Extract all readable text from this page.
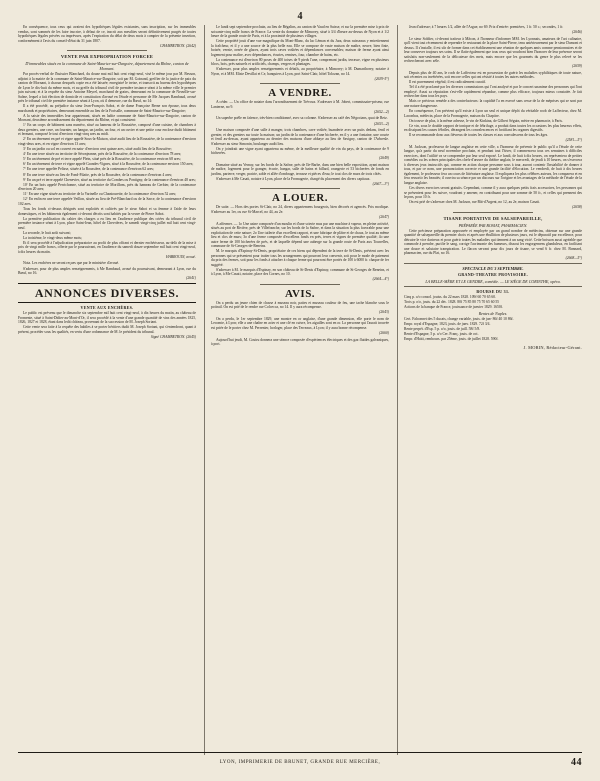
4

En conséquence, tous ceux qui avaient des hypothèques légales existantes, sans inscription, sur les immeubles vendus, sont sommés de les faire inscrire, à défaut de ce, inscrit aux mesdites seront définitivement purgés de toutes hypothèques légales privées ou imprévues, après l'expiration du délai de deux mois à compter de la présente insertion, conformément à l'avis du conseil-d'état du 31 juin 1807.

CHAMBETRON. (2642)
VENTE PAR EXPROPRIATION FORCEE
D'immeubles situés en la commune de Saint-Maurice-sur-Dargoire, département du Rhône, canton de Mornant.

Par procès-verbal de l'huissier Blanchard, du douze mai mil huit cent vingt-neuf, visé le même jour par M. Besson, adjoint à la mairie de la commune de Saint-Maurice-sur-Dargoire, soit par M. Goinand, greffier de la justice de paix du canton de Mornant, à chacun desquels copie en a été laissée; enregistré le treize, et transcrit au bureau des hypothèques de Lyon le dix-huit du même mois, et au greffe du tribunal civil de première instance séant à la même ville le premier juin suivant; et à la requête du sieur Antoine Meyrel, marchand de grains, demeurant en la commune de Neuville-sur-Saône, lequel a fait élection de domicile et constitution d'avoué en l'étude et personne de Me Jacques Rambaud, avoué près le tribunal civil de première instance séant à Lyon, où il demeure, rue du Bœuf, no 14:

Il a été procédé, au préjudice du sieur Jean-François Sabot, et de dame Françoise Berne son épouse, tous deux marchands et propriétaires, demeurant ensemble au lieu de la Forisalle, commune de Saint-Maurice-sur-Dargoire;

A la saisie des immeubles leur appartenant, situés en ladite commune de Saint-Maurice-sur-Dargoire, canton de Mornant, deuxième arrondissement du département du Rhône, et qui consistent:

1º En un corps de bâtiment sans numéro, situé au hameau de la Roussière, composé d'une cuisine, de chambres à deux greniers, une cave, un fournier, un hangar, un jardin, un four, et un cuvier et une petite cour enclose dudit bâtiment et fermant, composé le tout d'environ vingt-cinq ares au midi.

2º En un tènement en pré et vigne appelé Sous-la-Maison, situé audit lieu de la Roussière, de la contenance d'environ vingt-deux ares, et en vigne d'environ 13 ares;

3º En un jardin ou sol en couvert en natu- d'environ cent quinze ares, situé audit lieu de la Roussière;

4º En une terre située au territoire de Séronjeanne, près de la Roussière, de la contenance d'environ 78 ares;

5º En un tènement de pré et terre appelé Plein, situé près de la Roussière, de la contenance environ 68 ares;

6º En un tènement de terre et vigne appelé Grandes-Vignes, situé à la Roussière, de la contenance environ 150 ares;

7º En une terre appelée Pelisse, située à la Roussière, de la contenance d'environ 62 ares;

8º En une terre située au lieu de Fond-Filatte, près de la Roussière, de la contenance d'environ 4 ares;

9º En un pré et terre appelé Chenevier, situé au territoire du Combes ou Pontigny, de la contenance d'environ 48 ares;

10º En un bois appelé Perrichonne, situé au territoire de Morillons, près du hameau de Gerbier, de la contenance d'environ 20 ares;

11º En une vigne située au territoire de la Varinelle ou Chantourette, de la contenance d'environ 52 ares;

12º En enfin en une terre appelée Veillon, située au lieu de Pré-Blanchard ou de la Sarce, de la contenance d'environ 102 ares.

Tous les fonds ci-dessus désignés sont exploités et cultivés par le sieur Sabot et sa femme à l'aide de leurs domestiques, et les bâtiments également ci-devant décrits sont habités par la veuve de Pierre Sabot.

La première publication du cahier des charges a eu lieu en l'audience publique des criées du tribunal civil de première instance séant à Lyon, place Saint-Jean, hôtel de Chevrières, le samedi vingt-cinq juillet mil huit cent vingt-neuf.

La seconde, le huit août suivant;

La troisième, le vingt-deux même mois;

Et il sera procédé à l'adjudication préparatoire au profit de plus offrant et dernier enchérisseur, au-delà de la mise à prix de vingt mille francs, offerte par le poursuivant, en l'audience du samedi douze septembre mil huit cent vingt-neuf, à dix heures du matin.

HABROUIN, avoué.

Nota. Les enchères ne seront reçues que par le ministère d'avoué.

S'adresser, pour de plus amples renseignements, à Me Rambaud, avoué du poursuivant, demeurant à Lyon, rue du Bœuf, no 16.

(2641)
ANNONCES DIVERSES.
VENTE AUX ENCHÈRES.

Le public est prévenu que le dimanche six septembre mil huit cent vingt-neuf, à dix heures du matin, au château de Fromente, situé à Saint-Didier-au-Mont-d'Or, il sera procédé à la vente d'une grande quantité de vins des années 1825, 1826, 1827 et 1828, étant dans ledit château, provenant de la succession de M. Joseph Soriant.

Cette vente sera faite à la requête des habiles à se porter héritiers dudit M. Joseph Soriant, qui s'entendront, quant à présent, procéder sous les qualités, en vertu d'une ordonnance de M. le président du tribunal.

Signé CHAMBETRON. (2645)

Le lundi sept septembre prochain, au lieu de Bégalins, au canton de Vaud en Suisse, et sur la première mise à prix de soixante-cinq mille francs de France. La vente du domaine de Mimorey, situé à 3/4 d'heure au-dessus de Nyon et à 1/2 heure de la grande route de Paris, et à la proximité de plusieurs villages.

Cette propriété jouit d'une vue magnifique du Mont-Blanc, du lac Léman et du Jura, deux ruisseaux y entretiennent la fraîcheur, et il y a une source de la plus belle eau. Elle se compose de vaste maison de maître, neuve, bien finie, boisée, vernie, ornée de glaces, ayant trois caves voûtées et dépendances convenables; maison de ferme ayant ainsi logement pour maître, avec dépendances, écuries, remises, four, chambre de bains, etc.

La contenance est d'environ 80 poses de 400 toises de 9 pieds l'une, comprenant jardin, terrasse, vigne en plusieurs blocs, bois, prés naturels et artificiels, champs, vergers et plantages.

S'adresser, pour plus amples renseignements et détails, au propriétaire, à Mimorey; à M. Dumarthorey, notaire à Nyon, et à MM. Eliste Devillai et Ce, banquiers à Lyon, port Saint-Clair, hôtel Tolozan, no 14.

(2639-5°)
A VENDRE.

A céder. — Un office de notaire dans l'arrondissement de Trévoux. S'adresser à M. Jobert, commissaire-priseur, rue Lanterne, no 9.

(2652—2)

Un superbe poêle en faïence, très-bien conditionné, avec sa colonne. S'adresser au café des Négocians, quai de Retz.

(2653—2)

Une maison composée d'une salle à manger, trois chambres, cave voûtée, buanderie avec un puits dedans, fenil et grenier, et des greniers sur toute la maison; un jardin de la contenance d'une bicherée, en il y a une fontaine, une courte et fenil au-dessus, ayant appartenu au dernier des maisons d'une abbaye au lieu de Savigny, canton de l'Arbresle. S'adresser au sieur Simonin, boulanger audit lieu.

On y joindrait une vigne ayant appartenu au même, de la meilleure qualité de vin du pays, de la contenance de 9 bicherées.

(2649)

Domaine situé au Vernay, sur les bords de la Saône, près de Ile-Barbe, dans une bien belle exposition, ayant maison de maître, logement pour le granger, écurie, hangar, salle de bains et billard, orangerie et 53 bicherées de fonds en jardins, parterre, verger, prairie, sable et allée d'ombrage, terrasse et pièces d'eau; le tout clos de murs de trois côtés.

S'adresser à Me Casati, notaire à Lyon, place de la Fromagerie, chargé du placement des divers capitaux.

(2667—3°)
A LOUER.

De suite. — Hors des portes St-Clair, no 24, divers appartemens bourgeois, bien décorés et agencés. Prix modique. S'adresser au 1er, ou rue St-Marcel, no 44, au 2e.

(2647)

A affermer. — 1o Une usine composée d'un moulin et d'une scierie mus par une machine à vapeur, en pleine activité, situés au port de Rivière, près de Villefranche, sur les bords de la Saône, et dans la situation la plus favorable pour une exploitation de cette nature; 2o Une tuilerie d'un excellent rapport, et une fabrique de plâtre et de chaux, le tout au même lieu et clos de murs; 3o d'une ferme composée d'excellens fonds en prés, terres et vignes de première qualité; 4o une autre ferme de 100 bicherées de prés, et de laquelle dépend une auberge sur la grande route de Paris aux Tourrelles, commune de St-Georges-de-Reneins.

M. le marquis d'Espinay-St-Denis, propriétaire de ces biens qui dépendent de la terre de St-Denis, prévient avec les personnes qui se présentent pour traiter tous les arrangemens qui pourront leur convenir, soit pour le mode de paiement du prix des fermes, soit pour les fonds à attacher à chaque ferme qui pourront être portés de 100 à 6000 fr. chaque de fer suggéré.

S'adresser à M. le marquis d'Espinay, en son château de St-Denis d'Espinay, commune de St-Georges de Reneins, et à Lyon, à Me Casati, notaire, place des Cornes, no 10.

(2664—4°)
AVIS.

On a perdu un jeune chien de chasse à museau noir, pattes et museau couleur de feu, une tache blanche sous le poitrail. On est prié de le rendre rue Colcecca, no 14. Il y aura récompense.

(2643)

On a perdu, le 1er septembre 1829, une montre en or anglaise, d'une grande dimension, elle porte le nom de Lecomte, à Lyon; elle a une chaîne en acier et une clé en cuivre, les aiguilles sont en or. La personne qui l'aurait trouvée est priée de le porter chez M. Perrenier, horloger, place des Terreaux, à Lyon; il y aura bonne récompense.

(2660)

Aujourd'hui jeudi, M. Coutru donnera une séance composée d'expériences électriques et des gaz fluides galvaniques, à port.

Jean d'adresse; à 7 heures 1/2, allée de l'Argue, no 69. Prix d'entrée: premières, 1 fr. 50 c.; secondes, 1 fr.

(2646)

Le sieur Soldier, ci-devant traiteur à Mâcon, à l'honneur d'informer MM. les Lyonnais, amateurs de l'art culinaire, qu'il vient tout récemment de reprendre le restaurant de la place Saint-Pierre, tenu antérieurement par le sieur Dumont et dessus. Il s'installe, il est sûr de former dans cet établissement une réunion de quelques amis comme pensionnaires et de leur conserver toujours ses soins. Il se flatte également que tous ceux qui voudront bien l'honorer de leur présence seront satisfaits non-seulement de la délicatesse des mets, mais encore que les gourmets du genre le plus relevé se les rechercheront avec zèle.

(2659)

Depuis plus de 40 ans, le roob de Laffecteur est en possession de guérir les maladies syphilitiques de toute nature, soit récentes ou invétérées, soit encore celles qui ont résisté à toutes les autres méthodes.

Il est puremment végétal; il est radicalement curatif.

Tel il a été proclamé par les diverses commissions qui l'ont analysé et par le concert unanime des personnes qui l'ont employé. Aussi sa réputation s'est-elle rapidement répandue, comme plus efficace, toujours mieux constatée. Je fait rechercher dans tous les pays.

Mais ce précieux remède a des contrefacteurs: la cupidité l'a en exercé sans cesse de la de méprises qui se sont par une nature dangereuse.

En conséquence, l'on prévient qu'il existe à Lyon un seul et unique dépôt du véritable roob de Laffecteur, chez M. Laconbas, médecin, place de la Fromagerie, maison du Chapitre.

On trouve de plus, à la même adresse, le vin de Kinkina, de Gilbert Séguin, mètre en pharmacie, à Paris.

Ce vin, sous le double rapport de tonique et de fébrifuge, a produit dans toutes les occasions les plus heureux effets, en dissipant les causes fébriles, dérangent les convalescences et fortifiant les organes digestifs.

Il se recommande donc aux fiévreux de toutes les classes et aux convalescens de tous les âges.

(2581—5°)

M. Jackson, professeur de langue anglaise en cette ville, a l'honneur de prévenir le public qu'il a l'étude de cette langue, qu'a partir du neuf novembre prochain, et pendant tout l'hiver, il commencera tous ces semaines à difficiles exercices, dont l'utilité va se comprendre par leur seul exposé. Le lundi, de huit à dix heures, on représentera de petites comédies ou les scènes principales des chefs-d'œuvre du théâtre anglais; le mercredi, de jeudi à 10 heures, on s'exercera à diverses jeux instructifs qui, comme en action chaque personne sous à tour, auront contenir l'instabilité de donner à tous, et par ce nom, une prononciation correcte et une grande facilité d'élocution. Le vendredi, de huit à dix heures également, le professeur fera un cours de littérature anglaise. Il expliquera les plus célèbres auteurs, les comparera et en fera ressortir les beautés; il ouvrira sa séance par un discours sur l'origine et les avantages de la méthode de l'étude de la langue anglaise.

Ces divers exercices seront gratuits. Cependant, comme il y aura quelques petits frais accessoires, les personnes qui se présentent pour les suivre, voudront y amener, en contribuant pour une somme de 50 fr., et celles qui prennent des leçons, pour 10 fr.

On est prié de s'adresser chez M. Jackson, rue Bât-d'Argent, no 12, au 2e, maison Casati.

(2658)
TISANE PORTATIVE DE SALSEPAREILLE,
PRÉPARÉE PAR BOSIAT, PHARMACIEN.

Cette précieuse préparation approuvée et employée par un grand nombre de médecins, obtenue sur une grande quantité de salsepareille du premier choix et après une ébullition de plusieurs jours, est le dépuratif par excellence, pour détruire le vice dartreux et pour guérir toutes les maladies qui tiennent à un sang vicié. Cette boisson aussi agréable que commode à prendre, purifie le sang, corrige l'acrimonie des humeurs, dissout les engorgemens glanduleux, en facilitant une douce et salutaire transpiration. Le flacon servant pour dix jours de tisane, se vend 6 fr. chez M. Bonnard, pharmacien, rue du Plat, no 16.

(2668—5°)
SPECTACLE DU 3 SEPTEMBRE.
GRAND-THEATRE PROVISOIRE.
LA BELLE-MÈRE ET LE GENDRE, comédie. — LE SIÈGE DE CORINTHE, opéra.
BOURSE DU 31.

Cinq p. o/o consol. jouiss. du 22 mars 1828. 109f 60 70 65 60.

Trois p. o/o, jouis. du 22 déc. 1828. 80f 75 85 80 75 70 65 60 55

Actions de la banque de France, jouissance de janvier 1829. 1650f.

Rentes de Naples.

Cert. Falconnet des 5 ducats, change variable, jouis. de jan- 86f 40 10 86f.

Empr. royal d'Espagne, 1823, jouis. de janv. 1829. 72f 3/4.

Rente perpét. d'Esp. 5 p. o/o, jouis. de juill. 58f 5/8.

Rente d'Espagne, 5 p. o/o Cer. Franç. jouis. de oct.

Empr. d'Haïti, rembours. par 25ème, jouis. de juillet 1828. 590f.

J. MORIN, Rédacteur-Gérant.
LYON, IMPRIMERIE DE BRUNET, GRANDE RUE MERCIÈRE,	44
